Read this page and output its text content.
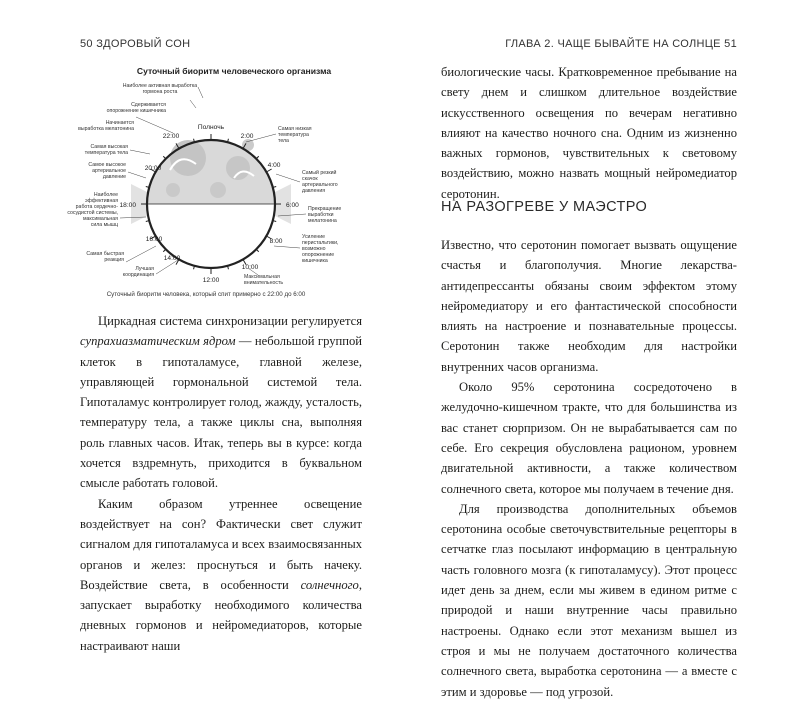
50 ЗДОРОВЫЙ СОН	ГЛАВА 2. ЧАЩЕ БЫВАЙТЕ НА СОЛНЦЕ 51
Суточный биоритм человеческого организма
Полночь
2:00
4:00
6:00
8:00
10:00
12:00
14:00
16:00
18:00
20:00
22:00
Наиболее активная выработка гормона роста
Сдерживается опорожнение кишечника
Начинается выработка мелатонина
Самая высокая температура тела
Самое высокое артериальное давление
Наиболее эффективная работа сердечно-сосудистой системы, максимальная сила мышц
Самая быстрая реакция
Лучшая координация
Самая низкая температура тела
Самый резкий скачок артериального давления
Прекращение выработки мелатонина
Усиление перистальтики, возможно опорожнение кишечника
Максимальная внимательность
Суточный биоритм человека, который спит примерно с 22:00 до 6:00

Циркадная система синхронизации регулируется супрахиазматическим ядром — небольшой группой клеток в гипоталамусе, главной железе, управляющей гормональной системой тела. Гипоталамус контролирует голод, жажду, усталость, температуру тела, а также циклы сна, выполняя роль главных часов. Итак, теперь вы в курсе: когда хочется вздремнуть, приходится в буквальном смысле работать головой.

Каким образом утреннее освещение воздействует на сон? Фактически свет служит сигналом для гипоталамуса и всех взаимосвязанных органов и желез: проснуться и быть начеку. Воздействие света, в особенности солнечного, запускает выработку необходимого количества дневных гормонов и нейромедиаторов, которые настраивают наши

биологические часы. Кратковременное пребывание на свету днем и слишком длительное воздействие искусственного освещения по вечерам негативно влияют на качество ночного сна. Одним из жизненно важных гормонов, чувствительных к световому воздействию, можно назвать мощный нейромедиатор серотонин.

НА РАЗОГРЕВЕ У МАЭСТРО

Известно, что серотонин помогает вызвать ощущение счастья и благополучия. Многие лекарства-антидепрессанты обязаны своим эффектом этому нейромедиатору и его фантастической способности влиять на настроение и познавательные процессы. Серотонин также необходим для настройки внутренних часов организма.

Около 95% серотонина сосредоточено в желудочно-кишечном тракте, что для большинства из вас станет сюрпризом. Он не вырабатывается сам по себе. Его секреция обусловлена рационом, уровнем двигательной активности, а также количеством солнечного света, которое мы получаем в течение дня.

Для производства дополнительных объемов серотонина особые светочувствительные рецепторы в сетчатке глаз посылают информацию в центральную часть головного мозга (к гипоталамусу). Этот процесс идет день за днем, если мы живем в едином ритме с природой и наши внутренние часы правильно настроены. Однако если этот механизм вышел из строя и мы не получаем достаточного количества солнечного света, выработка серотонина — а вместе с этим и здоровье — под угрозой.
